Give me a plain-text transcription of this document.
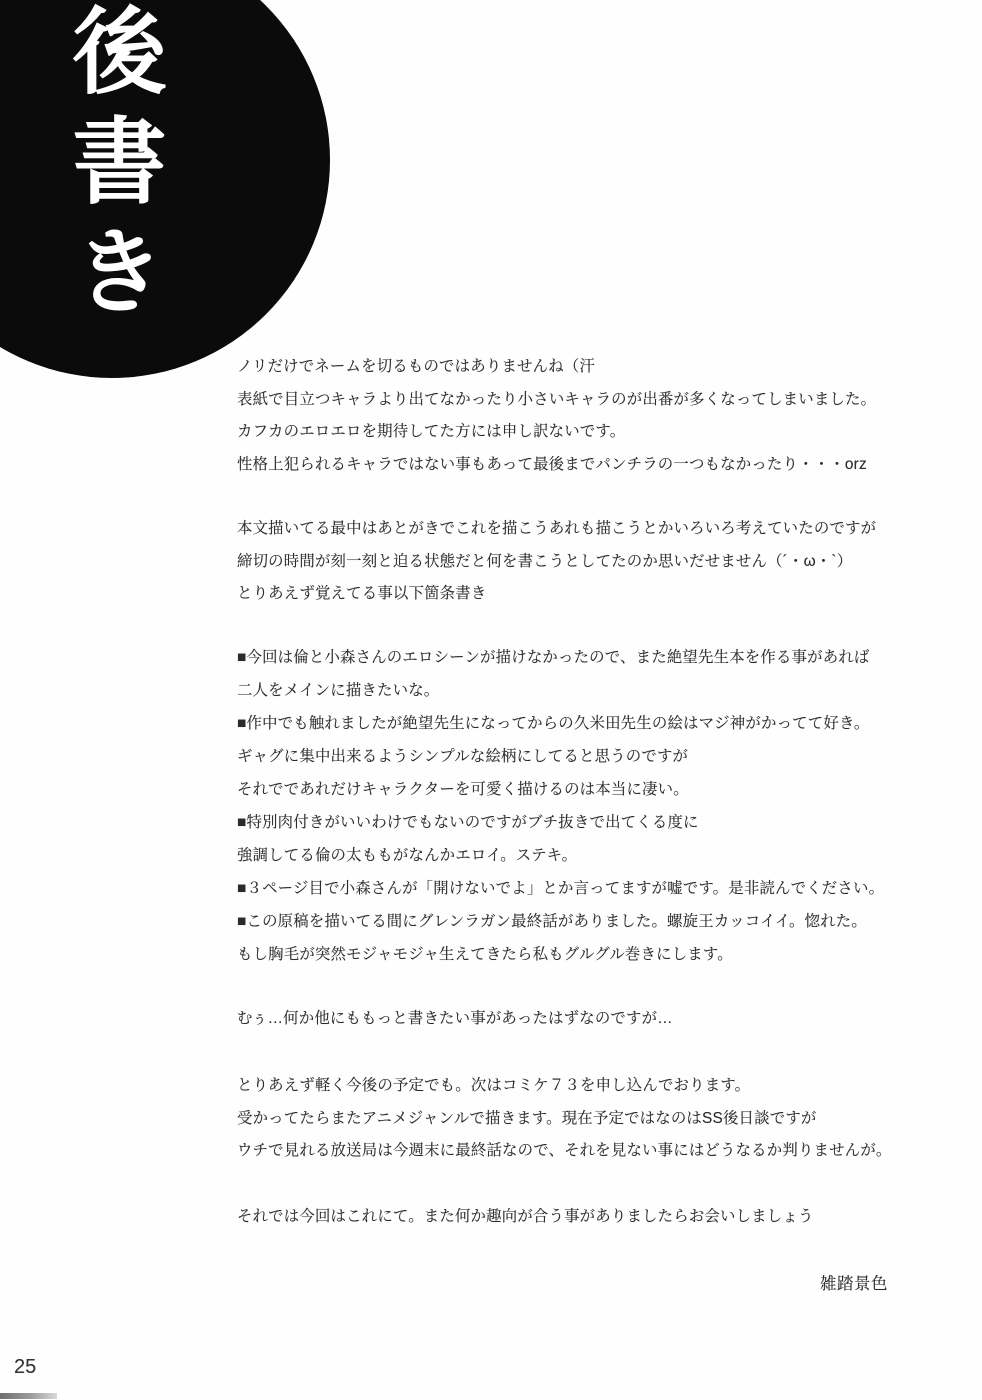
後書き
ノリだけでネームを切るものではありませんね（汗
表紙で目立つキャラより出てなかったり小さいキャラのが出番が多くなってしまいました。
カフカのエロエロを期待してた方には申し訳ないです。
性格上犯られるキャラではない事もあって最後までパンチラの一つもなかったり・・・orz
本文描いてる最中はあとがきでこれを描こうあれも描こうとかいろいろ考えていたのですが
締切の時間が刻一刻と迫る状態だと何を書こうとしてたのか思いだせません（´・ω・`）
とりあえず覚えてる事以下箇条書き
■今回は倫と小森さんのエロシーンが描けなかったので、また絶望先生本を作る事があれば
二人をメインに描きたいな。
■作中でも触れましたが絶望先生になってからの久米田先生の絵はマジ神がかってて好き。
ギャグに集中出来るようシンプルな絵柄にしてると思うのですが
それでであれだけキャラクターを可愛く描けるのは本当に凄い。
■特別肉付きがいいわけでもないのですがブチ抜きで出てくる度に
強調してる倫の太ももがなんかエロイ。ステキ。
■３ページ目で小森さんが「開けないでよ」とか言ってますが嘘です。是非読んでください。
■この原稿を描いてる間にグレンラガン最終話がありました。螺旋王カッコイイ。惚れた。
もし胸毛が突然モジャモジャ生えてきたら私もグルグル巻きにします。
むぅ…何か他にももっと書きたい事があったはずなのですが…
とりあえず軽く今後の予定でも。次はコミケ７３を申し込んでおります。
受かってたらまたアニメジャンルで描きます。現在予定ではなのはSS後日談ですが
ウチで見れる放送局は今週末に最終話なので、それを見ない事にはどうなるか判りませんが。
それでは今回はこれにて。また何か趣向が合う事がありましたらお会いしましょう
雑踏景色
25
